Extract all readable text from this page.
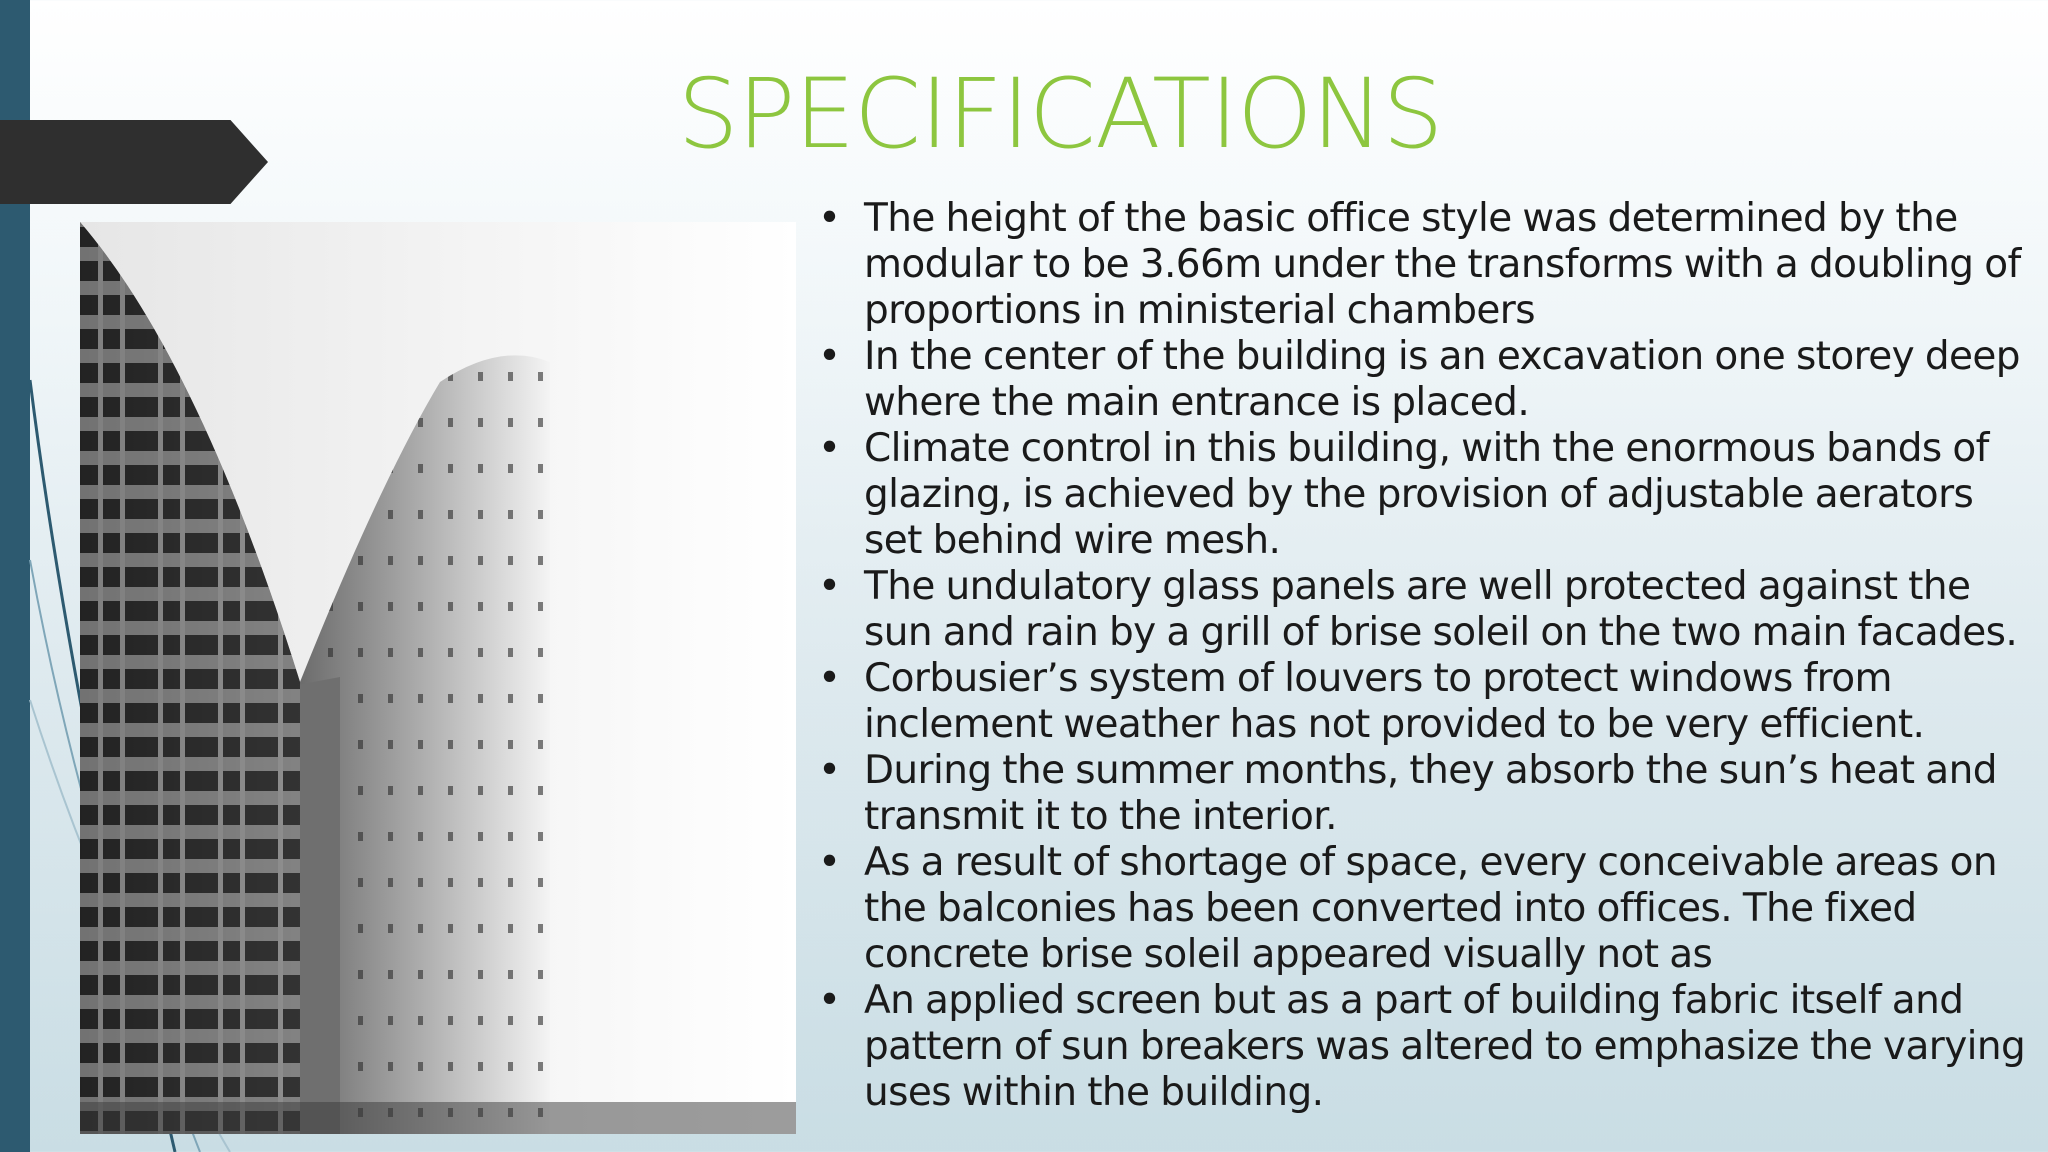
SPECIFICATIONS
• The height of the basic office style was determined by the modular to be 3.66m under the transforms with a doubling of proportions in ministerial chambers
• In the center of the building is an excavation one storey deep where the main entrance is placed.
• Climate control in this building, with the enormous bands of glazing, is achieved by the provision of adjustable aerators set behind wire mesh.
• The undulatory glass panels are well protected against the sun and rain by a grill of brise soleil on the two main facades.
• Corbusier’s system of louvers to protect windows from inclement weather has not provided to be very efficient.
• During the summer months, they absorb the sun’s heat and transmit it to the interior.
• As a result of shortage of space, every conceivable areas on the balconies has been converted into offices. The fixed concrete brise soleil appeared visually not as
• An applied screen but as a part of building fabric itself and pattern of sun breakers was altered to emphasize the varying uses within the building.
